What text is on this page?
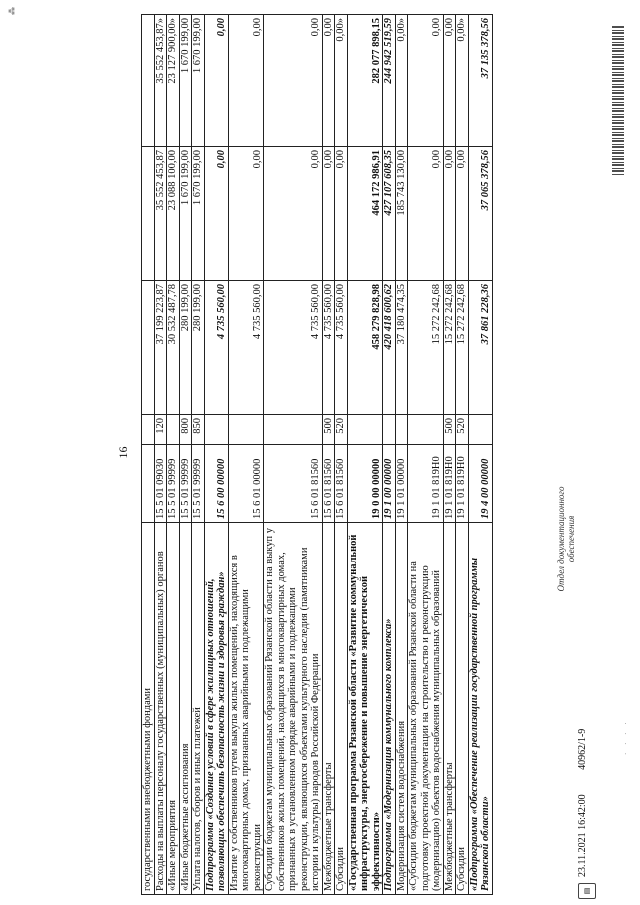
⁂
16
государственными внебюджетными фондами					
Расходы на выплаты персоналу государственных (муниципальных) органов	15 5 01 09030	120	37 199 223,87	35 552 453,87	35 552 453,87»
«Иные мероприятия	15 5 01 99999		30 532 487,78	23 088 100,00	23 127 900,00»
«Иные бюджетные ассигнования	15 5 01 99999	800	280 199,00	1 670 199,00	1 670 199,00
Уплата налогов, сборов и иных платежей	15 5 01 99999	850	280 199,00	1 670 199,00	1 670 199,00
Подпрограмма «Создание условий в сфере жилищных отношений, позволяющих обеспечить безопасность жизни и здоровья граждан»	15 6 00 00000		4 735 560,00	0,00	0,00
Изъятие у собственников путем выкупа жилых помещений, находящихся в многоквартирных домах, признанных аварийными и подлежащими реконструкции	15 6 01 00000		4 735 560,00	0,00	0,00
Субсидии бюджетам муниципальных образований Рязанской области на выкуп у собственников жилых помещений, находящихся в многоквартирных домах, признанных в установленном порядке аварийными и подлежащими реконструкции, являющихся объектами культурного наследия (памятниками истории и культуры) народов Российской Федерации	15 6 01 81560		4 735 560,00	0,00	0,00
Межбюджетные трансферты	15 6 01 81560	500	4 735 560,00	0,00	0,00
Субсидии	15 6 01 81560	520	4 735 560,00	0,00	0,00»
«Государственная программа Рязанской области «Развитие коммунальной инфраструктуры, энергосбережение и повышение энергетической эффективности»	19 0 00 00000		458 279 828,98	464 172 986,91	282 077 898,15
Подпрограмма «Модернизация коммунального комплекса»	19 1 00 00000		420 418 600,62	427 107 608,35	244 942 519,59
Модернизация систем водоснабжения	19 1 01 00000		37 180 474,35	185 743 130,00	0,00»
«Субсидии бюджетам муниципальных образований Рязанской области на подготовку проектной документации на строительство и реконструкцию (модернизацию) объектов водоснабжения муниципальных образований	19 1 01 819Н0		15 272 242,68	0,00	0,00
Межбюджетные трансферты	19 1 01 819Н0	500	15 272 242,68	0,00	0,00
Субсидии	19 1 01 819Н0	520	15 272 242,68	0,00	0,00»
«Подпрограмма «Обеспечение реализации государственной программы Рязанской области»	19 4 00 00000		37 861 228,36	37 065 378,56	37 135 378,56
▤
23.11.2021 16:42:00 40962/1-9
Отдел документационного обеспечения
· · · ·
